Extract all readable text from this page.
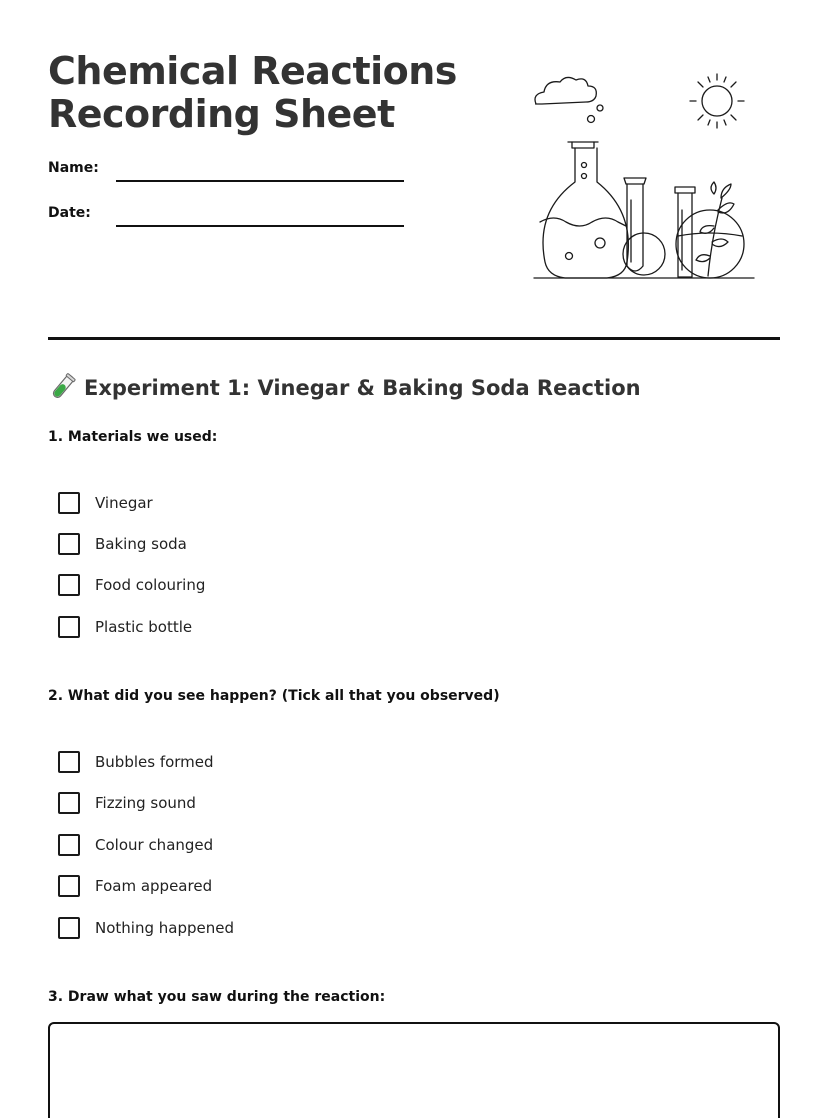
Chemical Reactions
Recording Sheet
Name:
Date:
Experiment 1: Vinegar & Baking Soda Reaction
1. Materials we used:
Vinegar
Baking soda
Food colouring
Plastic bottle
2. What did you see happen? (Tick all that you observed)
Bubbles formed
Fizzing sound
Colour changed
Foam appeared
Nothing happened
3. Draw what you saw during the reaction:
